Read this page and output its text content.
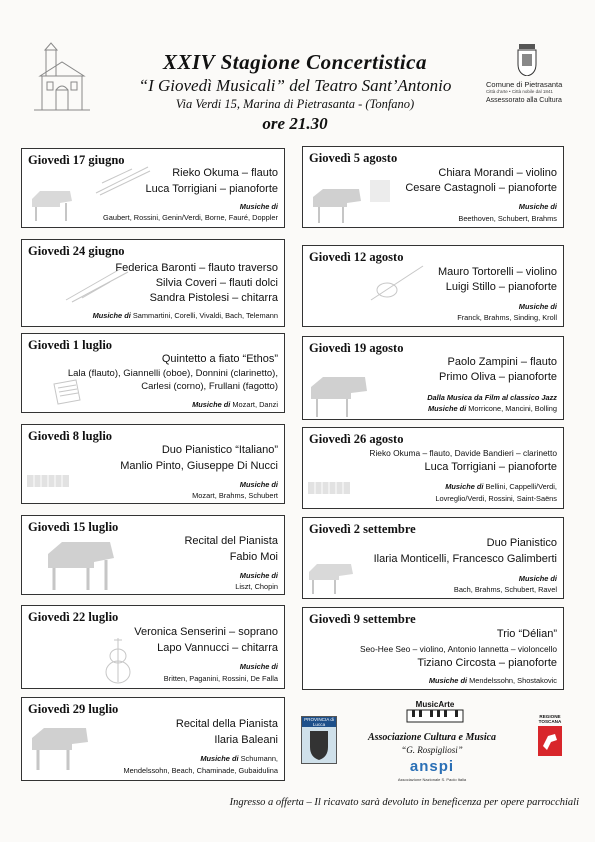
XXIV Stagione Concertistica
“I Giovedì Musicali” del Teatro Sant’Antonio
Via Verdi 15, Marina di Pietrasanta - (Tonfano)
ore 21.30
Comune di Pietrasanta
Città d’arte • Città nobile dal 1841
Assessorato alla Cultura
Giovedì 17 giugno
Rieko Okuma – flauto
Luca Torrigiani – pianoforte
Musiche di
Gaubert, Rossini, Genin/Verdi, Borne, Fauré, Doppler
Giovedì 24 giugno
Federica Baronti – flauto traverso
Silvia Coveri – flauti dolci
Sandra Pistolesi – chitarra
Musiche di Sammartini, Corelli, Vivaldi, Bach, Telemann
Giovedì 1 luglio
Quintetto a fiato “Ethos”
Lala (flauto), Giannelli (oboe), Donnini (clarinetto),
Carlesi (corno), Frullani (fagotto)
Musiche di Mozart, Danzi
Giovedì 8 luglio
Duo Pianistico “Italiano”
Manlio Pinto, Giuseppe Di Nucci
Musiche di
Mozart, Brahms, Schubert
Giovedì 15 luglio
Recital del Pianista
Fabio Moi
Musiche di
Liszt, Chopin
Giovedì 22 luglio
Veronica Senserini – soprano
Lapo Vannucci – chitarra
Musiche di
Britten, Paganini, Rossini, De Falla
Giovedì 29 luglio
Recital della Pianista
Ilaria Baleani
Musiche di Schumann,
Mendelssohn, Beach, Chaminade, Gubaidulina
Giovedì 5 agosto
Chiara Morandi – violino
Cesare Castagnoli – pianoforte
Musiche di
Beethoven, Schubert, Brahms
Giovedì 12 agosto
Mauro Tortorelli – violino
Luigi Stillo – pianoforte
Musiche di
Franck, Brahms, Sinding, Kroll
Giovedì 19 agosto
Paolo Zampini – flauto
Primo Oliva – pianoforte
Dalla Musica da Film al classico Jazz
Musiche di Morricone, Mancini, Bolling
Giovedì 26 agosto
Rieko Okuma – flauto, Davide Bandieri – clarinetto
Luca Torrigiani – pianoforte
Musiche di Bellini, Cappelli/Verdi,
Lovreglio/Verdi, Rossini, Saint-Saëns
Giovedì 2 settembre
Duo Pianistico
Ilaria Monticelli, Francesco Galimberti
Musiche di
Bach, Brahms, Schubert, Ravel
Giovedì 9 settembre
Trio “Délian”
Seo-Hee Seo – violino, Antonio Iannetta – violoncello
Tiziano Circosta – pianoforte
Musiche di Mendelssohn, Shostakovic
PROVINCIA di Lucca
MusicArte
Associazione Cultura e Musica
“G. Rospigliosi”
anspi
Associazione Nazionale S. Paolo Italia
REGIONE TOSCANA
Ingresso a offerta – Il ricavato sarà devoluto in beneficenza per opere parrocchiali
